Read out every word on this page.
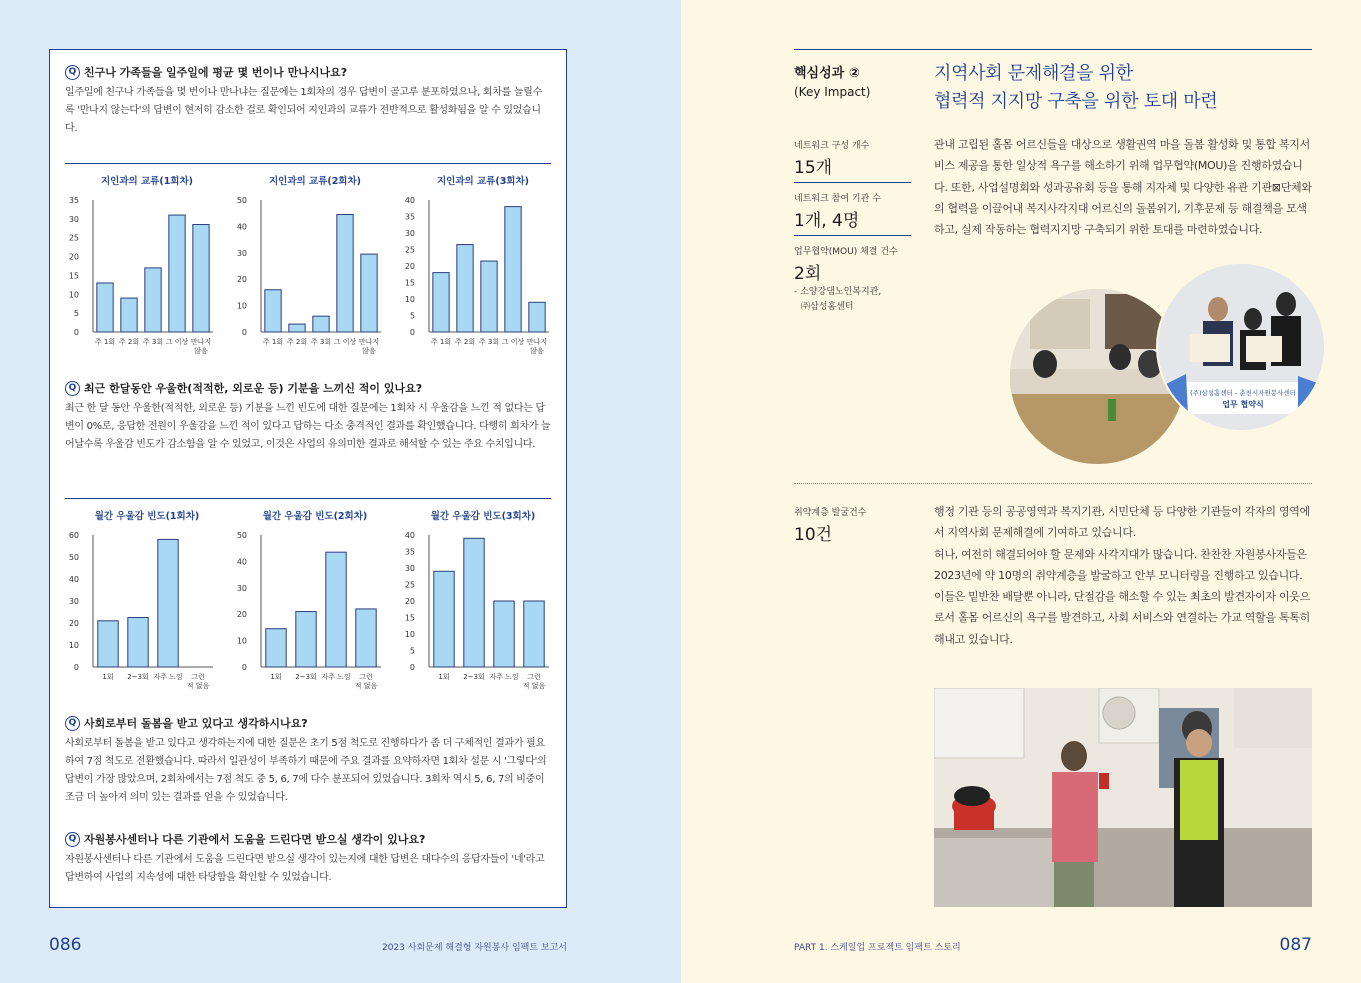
Q 친구나 가족들을 일주일에 평균 몇 번이나 만나시나요?
일주일에 친구나 가족들을 몇 번이나 만나냐는 질문에는 1회차의 경우 답변이 골고루 분포하였으나, 회차를 늘릴수록 '만나지 않는다'의 답변이 현저히 감소한 걸로 확인되어 지인과의 교류가 전반적으로 활성화됨을 알 수 있었습니다.
지인과의 교류(1회차)
0
5
10
15
20
25
30
35
주 1회 주 2회 주 3회 그 이상 만나지
않음
지인과의 교류(2회차)
0
10
20
30
40
50
주 1회 주 2회 주 3회 그 이상 만나지
않음
지인과의 교류(3회차)
0
5
10
15
20
25
30
35
40
주 1회 주 2회 주 3회 그 이상 만나지
않음
Q 최근 한달동안 우울한(적적한, 외로운 등) 기분을 느끼신 적이 있나요?
최근 한 달 동안 우울한(적적한, 외로운 등) 기분을 느낀 빈도에 대한 질문에는 1회차 시 우울감을 느낀 적 없다는 답변이 0%로, 응답한 전원이 우울감을 느낀 적이 있다고 답하는 다소 충격적인 결과를 확인했습니다. 다행히 회차가 늘어날수록 우울감 빈도가 감소함을 알 수 있었고, 이것은 사업의 유의미한 결과로 해석할 수 있는 주요 수치입니다.
월간 우울감 빈도(1회차)
0
10
20
30
40
50
60
1회 2~3회 자주 느낌 그런
적 없음
월간 우울감 빈도(2회차)
0
10
20
30
40
50
1회 2~3회 자주 느낌 그런
적 없음
월간 우울감 빈도(3회차)
0
5
10
15
20
25
30
35
40
1회 2~3회 자주 느낌 그런
적 없음
Q 사회로부터 돌봄을 받고 있다고 생각하시나요?
사회로부터 돌봄을 받고 있다고 생각하는지에 대한 질문은 초기 5점 척도로 진행하다가 좀 더 구체적인 결과가 필요하여 7점 척도로 전환했습니다. 따라서 일관성이 부족하기 때문에 주요 결과를 요약하자면 1회차 설문 시 '그렇다'의 답변이 가장 많았으며, 2회차에서는 7점 척도 중 5, 6, 7에 다수 분포되어 있었습니다. 3회차 역시 5, 6, 7의 비중이 조금 더 높아져 의미 있는 결과를 얻을 수 있었습니다.
Q 자원봉사센터나 다른 기관에서 도움을 드린다면 받으실 생각이 있나요?
자원봉사센터나 다른 기관에서 도움을 드린다면 받으실 생각이 있는지에 대한 답변은 대다수의 응답자들이 '네'라고 답변하여 사업의 지속성에 대한 타당함을 확인할 수 있었습니다.
086	2023 사회문제 해결형 자원봉사 임팩트 보고서
핵심성과 ②
(Key Impact)
지역사회 문제해결을 위한
협력적 지지망 구축을 위한 토대 마련
네트워크 구성 개수
15개
네트워크 참여 기관 수
1개, 4명
업무협약(MOU) 체결 건수
2회
- 소양강댐노인복지관,
㈜삼성홈센터
관내 고립된 홀몸 어르신들을 대상으로 생활권역 마을 돌봄 활성화 및 통합 복지서비스 제공을 통한 일상적 욕구를 해소하기 위해 업무협약(MOU)을 진행하였습니다. 또한, 사업설명회와 성과공유회 등을 통해 지자체 및 다양한 유관 기관⊠단체와의 협력을 이끌어내 복지사각지대 어르신의 돌봄위기, 기후문제 등 해결책을 모색하고, 실제 작동하는 협력지지망 구축되기 위한 토대를 마련하였습니다.
(주)삼성홈센터 - 춘천시자원봉사센터
업무 협약식
취약계층 발굴건수
10건
행정 기관 등의 공공영역과 복지기관, 시민단체 등 다양한 기관들이 각자의 영역에서 지역사회 문제해결에 기여하고 있습니다.
허나, 여전히 해결되어야 할 문제와 사각지대가 많습니다. 찬찬찬 자원봉사자들은 2023년에 약 10명의 취약계층을 발굴하고 안부 모니터링을 진행하고 있습니다.
이들은 밑반찬 배달뿐 아니라, 단절감을 해소할 수 있는 최초의 발견자이자 이웃으로서 홀몸 어르신의 욕구를 발견하고, 사회 서비스와 연결하는 가교 역할을 톡톡히 해내고 있습니다.
PART 1. 스케일업 프로젝트 임팩트 스토리	087
